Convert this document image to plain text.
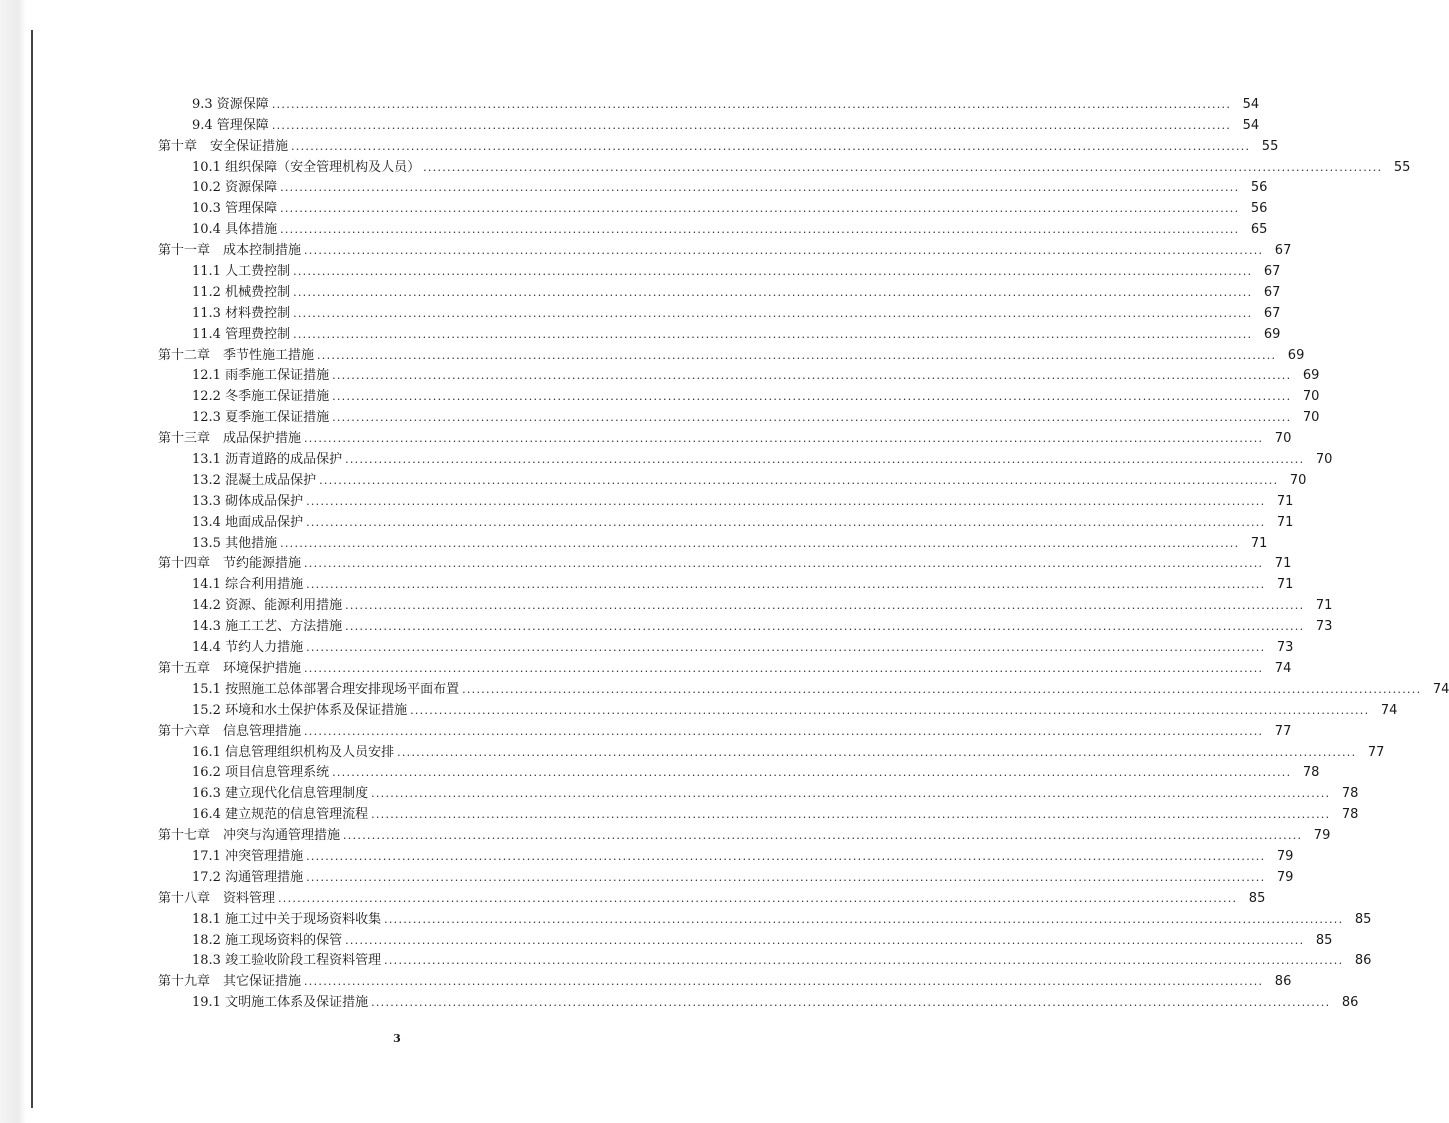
9.3 资源保障 ........................................................................................................................................................................................................ 54
9.4 管理保障 ........................................................................................................................................................................................................ 54
第十章　安全保证措施 ........................................................................................................................................................................................................ 55
10.1 组织保障（安全管理机构及人员） ........................................................................................................................................................................................................ 55
10.2 资源保障 ........................................................................................................................................................................................................ 56
10.3 管理保障 ........................................................................................................................................................................................................ 56
10.4 具体措施 ........................................................................................................................................................................................................ 65
第十一章　成本控制措施 ........................................................................................................................................................................................................ 67
11.1 人工费控制 ........................................................................................................................................................................................................ 67
11.2 机械费控制 ........................................................................................................................................................................................................ 67
11.3 材料费控制 ........................................................................................................................................................................................................ 67
11.4 管理费控制 ........................................................................................................................................................................................................ 69
第十二章　季节性施工措施 ........................................................................................................................................................................................................ 69
12.1 雨季施工保证措施 ........................................................................................................................................................................................................ 69
12.2 冬季施工保证措施 ........................................................................................................................................................................................................ 70
12.3 夏季施工保证措施 ........................................................................................................................................................................................................ 70
第十三章　成品保护措施 ........................................................................................................................................................................................................ 70
13.1 沥青道路的成品保护 ........................................................................................................................................................................................................ 70
13.2 混凝土成品保护 ........................................................................................................................................................................................................ 70
13.3 砌体成品保护 ........................................................................................................................................................................................................ 71
13.4 地面成品保护 ........................................................................................................................................................................................................ 71
13.5 其他措施 ........................................................................................................................................................................................................ 71
第十四章　节约能源措施 ........................................................................................................................................................................................................ 71
14.1 综合利用措施 ........................................................................................................................................................................................................ 71
14.2 资源、能源利用措施 ........................................................................................................................................................................................................ 71
14.3 施工工艺、方法措施 ........................................................................................................................................................................................................ 73
14.4 节约人力措施 ........................................................................................................................................................................................................ 73
第十五章　环境保护措施 ........................................................................................................................................................................................................ 74
15.1 按照施工总体部署合理安排现场平面布置 ........................................................................................................................................................................................................ 74
15.2 环境和水土保护体系及保证措施 ........................................................................................................................................................................................................ 74
第十六章　信息管理措施 ........................................................................................................................................................................................................ 77
16.1 信息管理组织机构及人员安排 ........................................................................................................................................................................................................ 77
16.2 项目信息管理系统 ........................................................................................................................................................................................................ 78
16.3 建立现代化信息管理制度 ........................................................................................................................................................................................................ 78
16.4 建立规范的信息管理流程 ........................................................................................................................................................................................................ 78
第十七章　冲突与沟通管理措施 ........................................................................................................................................................................................................ 79
17.1 冲突管理措施 ........................................................................................................................................................................................................ 79
17.2 沟通管理措施 ........................................................................................................................................................................................................ 79
第十八章　资料管理 ........................................................................................................................................................................................................ 85
18.1 施工过中关于现场资料收集 ........................................................................................................................................................................................................ 85
18.2 施工现场资料的保管 ........................................................................................................................................................................................................ 85
18.3 竣工验收阶段工程资料管理 ........................................................................................................................................................................................................ 86
第十九章　其它保证措施 ........................................................................................................................................................................................................ 86
19.1 文明施工体系及保证措施 ........................................................................................................................................................................................................ 86
3
